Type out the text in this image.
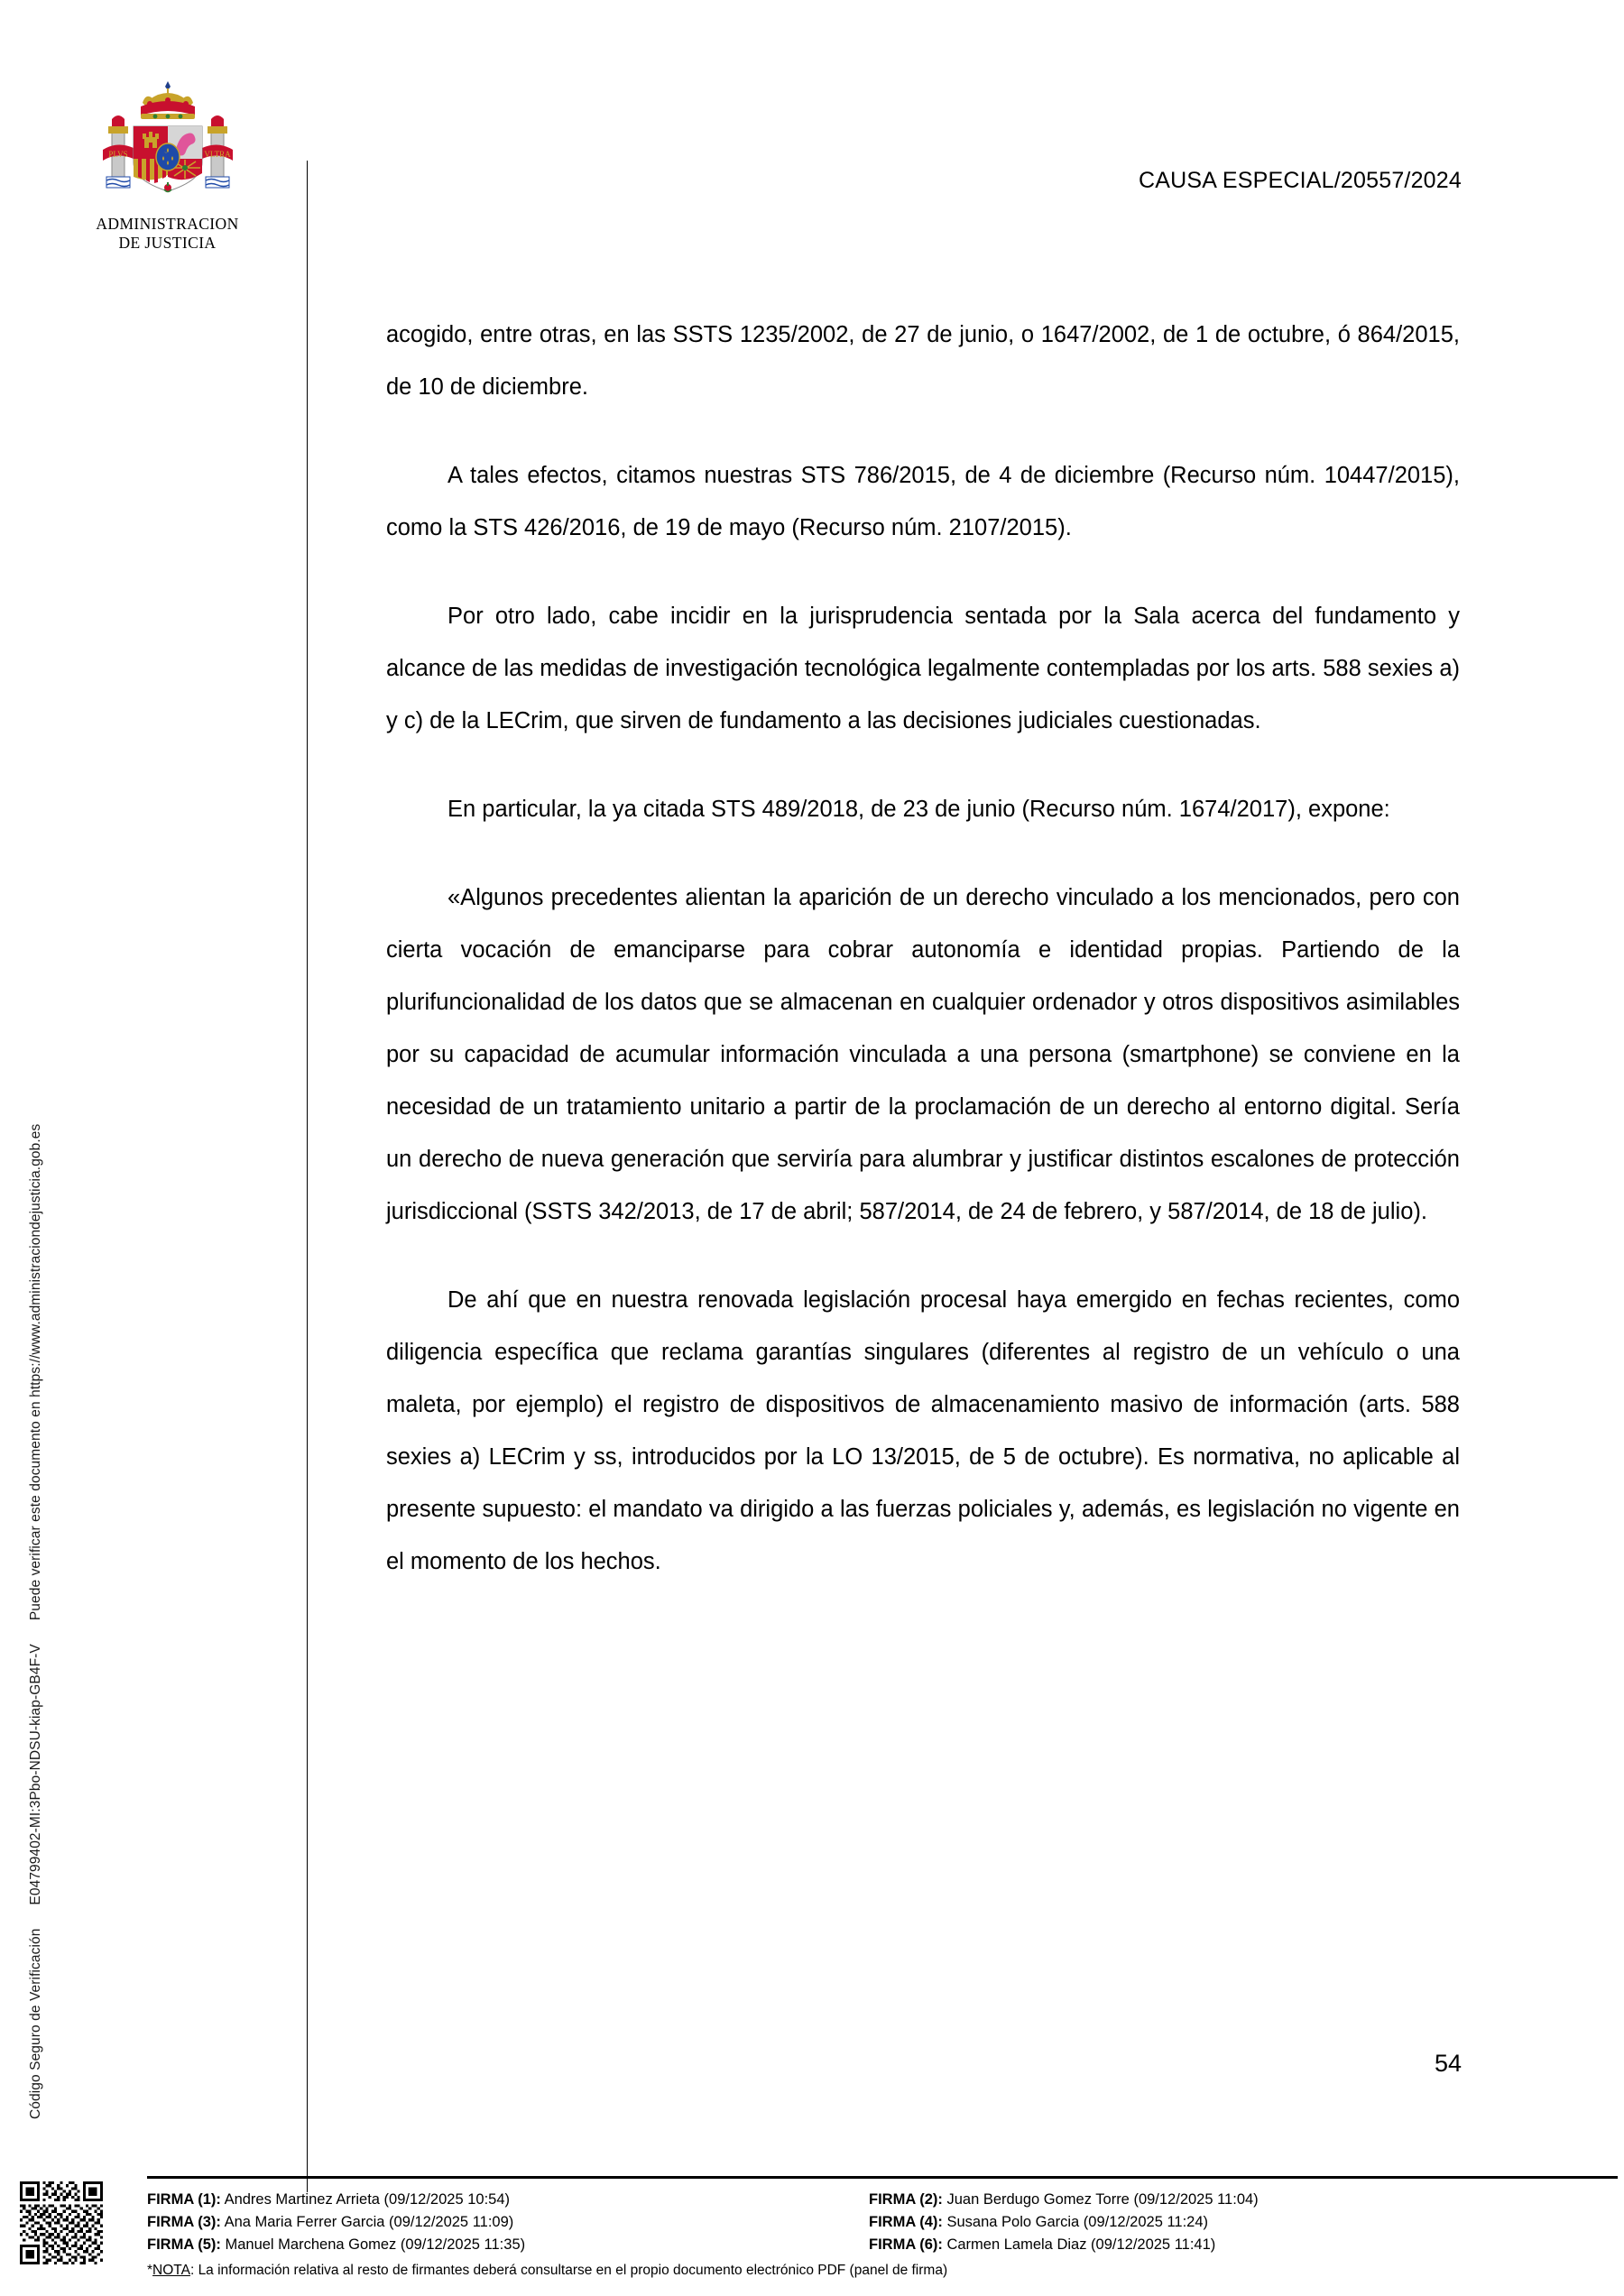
Código Seguro de VerificaciónE04799402-MI:3Pbo-NDSU-kiap-GB4F-VPuede verificar este documento en https://www.administraciondejusticia.gob.es
PLVS	VLTRA
ADMINISTRACION
DE JUSTICIA
CAUSA ESPECIAL/20557/2024

acogido, entre otras, en las SSTS 1235/2002, de 27 de junio, o 1647/2002, de 1 de octubre, ó 864/2015, de 10 de diciembre.

A tales efectos, citamos nuestras STS 786/2015, de 4 de diciembre (Recurso núm. 10447/2015), como la STS 426/2016, de 19 de mayo (Recurso núm. 2107/2015).

Por otro lado, cabe incidir en la jurisprudencia sentada por la Sala acerca del fundamento y alcance de las medidas de investigación tecnológica legalmente contempladas por los arts. 588 sexies a) y c) de la LECrim, que sirven de fundamento a las decisiones judiciales cuestionadas.

En particular, la ya citada STS 489/2018, de 23 de junio (Recurso núm. 1674/2017), expone:

«Algunos precedentes alientan la aparición de un derecho vinculado a los mencionados, pero con cierta vocación de emanciparse para cobrar autonomía e identidad propias. Partiendo de la plurifuncionalidad de los datos que se almacenan en cualquier ordenador y otros dispositivos asimilables por su capacidad de acumular información vinculada a una persona (smartphone) se conviene en la necesidad de un tratamiento unitario a partir de la proclamación de un derecho al entorno digital. Sería un derecho de nueva generación que serviría para alumbrar y justificar distintos escalones de protección jurisdiccional (SSTS 342/2013, de 17 de abril; 587/2014, de 24 de febrero, y 587/2014, de 18 de julio).

De ahí que en nuestra renovada legislación procesal haya emergido en fechas recientes, como diligencia específica que reclama garantías singulares (diferentes al registro de un vehículo o una maleta, por ejemplo) el registro de dispositivos de almacenamiento masivo de información (arts. 588 sexies a) LECrim y ss, introducidos por la LO 13/2015, de 5 de octubre). Es normativa, no aplicable al presente supuesto: el mandato va dirigido a las fuerzas policiales y, además, es legislación no vigente en el momento de los hechos.

54
FIRMA (1): Andres Martinez Arrieta (09/12/2025 10:54)	FIRMA (2): Juan Berdugo Gomez Torre (09/12/2025 11:04)
FIRMA (3): Ana Maria Ferrer Garcia (09/12/2025 11:09)	FIRMA (4): Susana Polo Garcia (09/12/2025 11:24)
FIRMA (5): Manuel Marchena Gomez (09/12/2025 11:35)	FIRMA (6): Carmen Lamela Diaz (09/12/2025 11:41)
*NOTA: La información relativa al resto de firmantes deberá consultarse en el propio documento electrónico PDF (panel de firma)
